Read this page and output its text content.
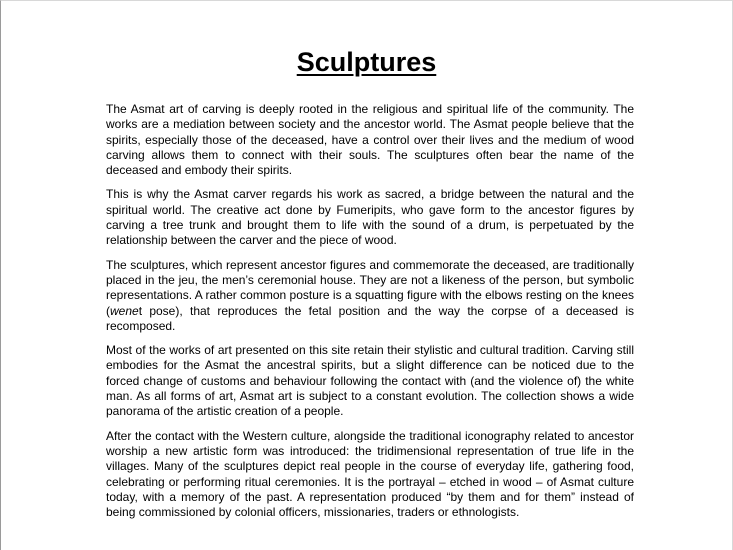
Sculptures

The Asmat art of carving is deeply rooted in the religious and spiritual life of the community. The works are a mediation between society and the ancestor world. The Asmat people believe that the spirits, especially those of the deceased, have a control over their lives and the medium of wood carving allows them to connect with their souls. The sculptures often bear the name of the deceased and embody their spirits.

This is why the Asmat carver regards his work as sacred, a bridge between the natural and the spiritual world. The creative act done by Fumeripits, who gave form to the ancestor figures by carving a tree trunk and brought them to life with the sound of a drum, is perpetuated by the relationship between the carver and the piece of wood.

The sculptures, which represent ancestor figures and commemorate the deceased, are traditionally placed in the jeu, the men’s ceremonial house. They are not a likeness of the person, but symbolic representations. A rather common posture is a squatting figure with the elbows resting on the knees (wenet pose), that reproduces the fetal position and the way the corpse of a deceased is recomposed.

Most of the works of art presented on this site retain their stylistic and cultural tradition. Carving still embodies for the Asmat the ancestral spirits, but a slight difference can be noticed due to the forced change of customs and behaviour following the contact with (and the violence of) the white man. As all forms of art, Asmat art is subject to a constant evolution. The collection shows a wide panorama of the artistic creation of a people.

After the contact with the Western culture, alongside the traditional iconography related to ancestor worship a new artistic form was introduced: the tridimensional representation of true life in the villages. Many of the sculptures depict real people in the course of everyday life, gathering food, celebrating or performing ritual ceremonies. It is the portrayal – etched in wood – of Asmat culture today, with a memory of the past. A representation produced “by them and for them” instead of being commissioned by colonial officers, missionaries, traders or ethnologists.
